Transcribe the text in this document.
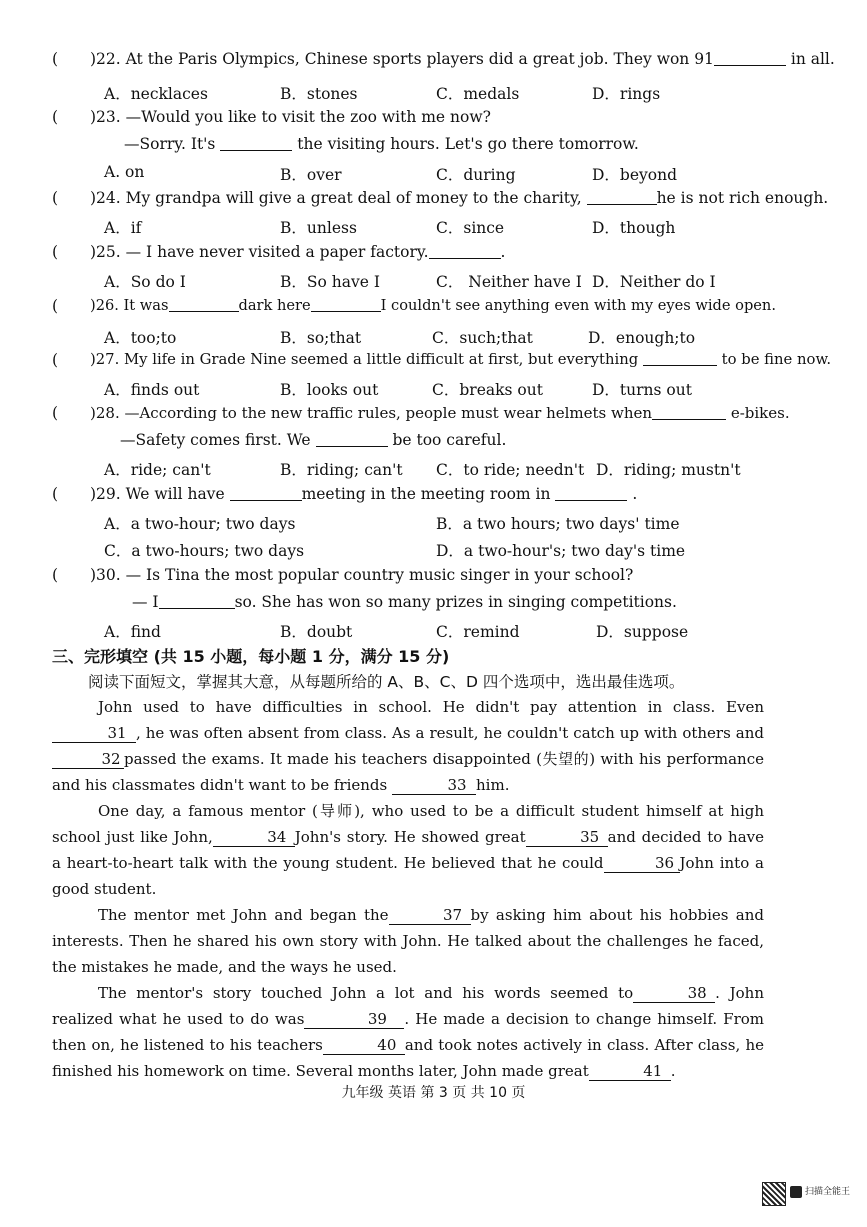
( )22. At the Paris Olympics, Chinese sports players did a great job. They won 91	in all.
A．necklaces	B．stones	C．medals	D．rings
( )23. —Would you like to visit the zoo with me now?
—Sorry. It's	the visiting hours. Let's go there tomorrow.
A. on	B．over	C．during	D．beyond
( )24. My grandpa will give a great deal of money to the charity,	he is not rich enough.
A．if	B．unless	C．since	D．though
( )25. — I have never visited a paper factory.	.
A．So do I	B．So have I	C． Neither have I D．Neither do I
( )26. It was	dark here	I couldn't see anything even with my eyes wide open.
A．too;to	B．so;that	C．such;that	D．enough;to
( )27. My life in Grade Nine seemed a little difficult at first, but everything	to be fine now.
A．finds out	B．looks out	C．breaks out	D．turns out
( )28. —According to the new traffic rules, people must wear helmets when	e-bikes.
—Safety comes first. We	be too careful.
A．ride; can't	B．riding; can't C．to ride; needn't D．riding; mustn't
( )29. We will have	meeting in the meeting room in	.
A．a two-hour; two days	B．a two hours; two days' time
C．a two-hours; two days	D．a two-hour's; two day's time
( )30. — Is Tina the most popular country music singer in your school?
— I	so. She has won so many prizes in singing competitions.
A．find	B．doubt	C．remind	D．suppose
三、完形填空 (共 15 小题，每小题 1 分，满分 15 分)
阅读下面短文，掌握其大意，从每题所给的 A、B、C、D 四个选项中，选出最佳选项。

John used to have difficulties in school. He didn't pay attention in class. Even31 , he was often absent from class. As a result, he couldn't catch up with others and32 passed the exams. It made his teachers disappointed (失望的) with his performance and his classmates didn't want to be friends	33 him.

One day, a famous mentor (导师), who used to be a difficult student himself at high school just like John,	34 John's story. He showed great	35 and decided to have a heart-to-heart talk with the young student. He believed that he could	36 John into a good student.

The mentor met John and began the	37 by asking him about his hobbies and interests. Then he shared his own story with John. He talked about the challenges he faced, the mistakes he made, and the ways he used.

The mentor's story touched John a lot and his words seemed to	38 . John realized what he used to do was	39 . He made a decision to change himself. From then on, he listened to his teachers	40 and took notes actively in class. After class, he finished his homework on time. Several months later, John made great	41 .

九年级 英语 第 3 页 共 10 页
扫描全能王
